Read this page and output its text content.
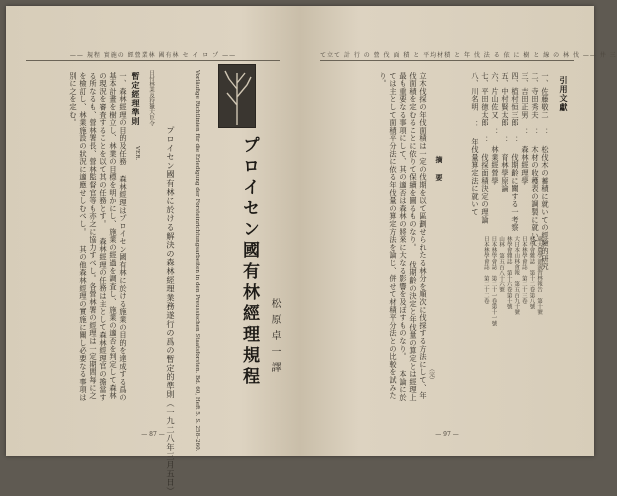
—— 規程 實施の 經營業林 國有林 セ イ ロ プ ——
プロイセン國有林經理規程	松原卓一譯
Vorläufige Richtlinien für die Erledigung der Forsteinrichtungsarbeiten in den Preussischen Staatsforsten. Bd. 60, Heft 5. S. 258–260.
プロイセン國有林に於ける解決の森林經理業務遂行の爲の暫定的準則（一九二八年三月五日）
日付林業及狩獵大臣令
暫定經理準則
VER.
一、森林經理の目的及任務 森林經理はプロイセン國有林に於ける施業の目的を達成する爲の基本計畫を樹立し、林業の目標を明かにし、施業の經過を調査し、施業の適否を判定して森林の現況を審査することを以て其の任務とす。 森林經理の任務は主として森林經理官の擔當する所なるも、營林署長、營林監督官等も亦之に協力すべし。各營林署の經理は一定期間每に之を檢訂し、林業施設の狀況に適應せしむべし。 其の他森林經理の實施に關し必要なる事項は別に之を定む。
— 87 —
て立て 計 行 の 營 伐 面 積 と 平均材積 と 年 伐 法 る 依 に 樹 と 線 の 林 伐 —— 井 三
引用文獻
一、佐藤敬二 ： 松伐木の蓄積に就いての經驗的研究
二、寺田秀夫 ： 木材の收穫表の調製に就いて
三、吉田正男 ： 森林經理學
四、植村恒三郎 ： 伐期齡に關する一考察
五、中村賢太郎 ： 育林學原論
六、片山佐又 ： 林業經營學
七、平田徳太郎 ： 伐採面積決定の理論
八、川名明 ： 年伐量算定法に就いて
東大農學部演習林報告 第十號
林學會雜誌 第十二卷第八號
日本林學會誌 第二十三卷
大日本山林會報 第五百九十號
林學會雜誌 第十六卷第十號
山林 第五百八十六號
日本林學會誌 第二十一卷第十一號
日本林學會誌 第二十二卷
摘 要
立木伐採の年伐面積は一定の伐期を以て區劃せられたる林分を順次に伐採する方法にして、年伐面積を定むることに依りて保續を圖るものなり。 伐期齡の決定と年伐量の算定とは經理上最も重要なる事項にして、其の適否は森林の將來に大なる影響を及ぼすものなり。 本論に於ては主として面積平分法に依る年伐量の算定方法を論じ、併せて材積平分法との比較を試みたり。
（完）
— 97 —
